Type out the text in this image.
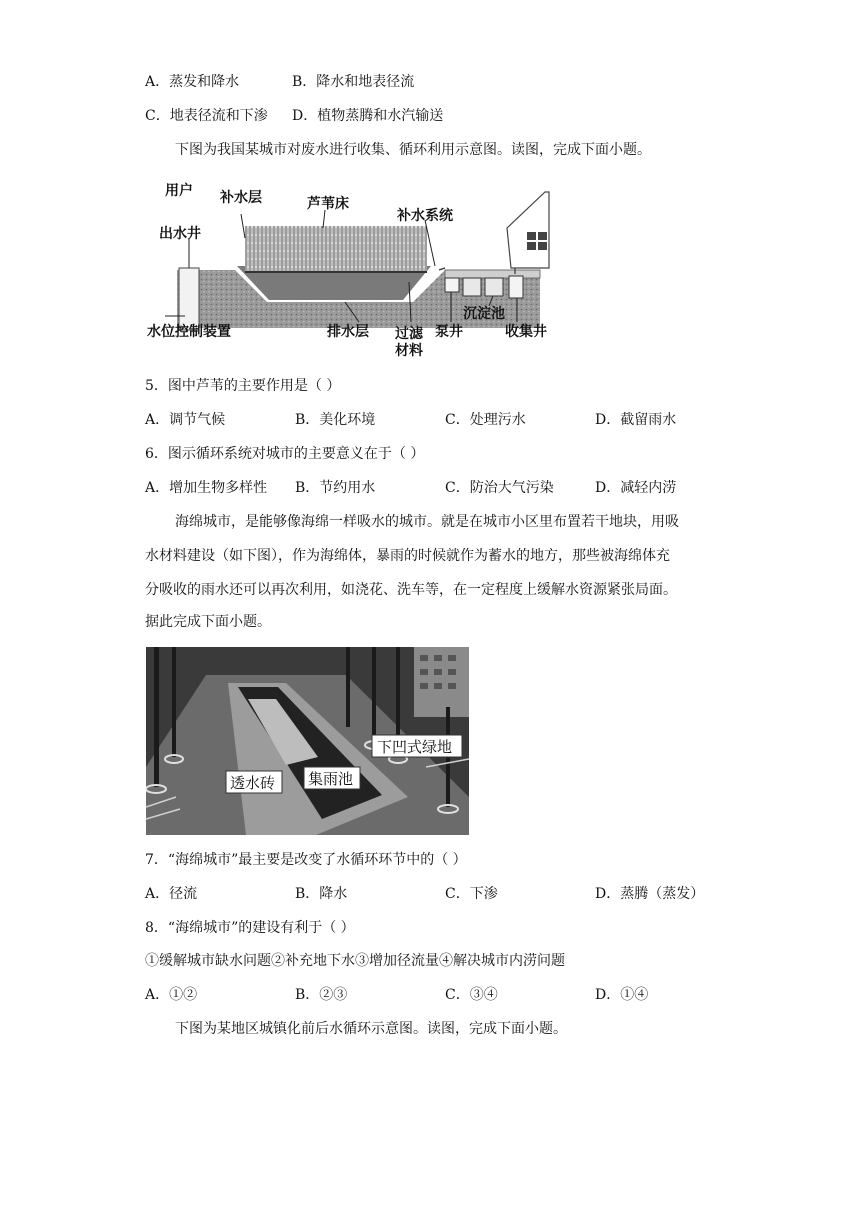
A．蒸发和降水	B．降水和地表径流
C．地表径流和下渗 D．植物蒸腾和水汽输送
下图为我国某城市对废水进行收集、循环利用示意图。读图，完成下面小题。
用户
出水井
补水层	芦苇床
补水系统
水位控制装置	排水层 过滤
材料
泵井
沉淀池
收集井
5．图中芦苇的主要作用是（ ）
A．调节气候	B．美化环境	C．处理污水	D．截留雨水
6．图示循环系统对城市的主要意义在于（ ）
A．增加生物多样性 B．节约用水	C．防治大气污染	D．减轻内涝
海绵城市，是能够像海绵一样吸水的城市。就是在城市小区里布置若干地块，用吸
水材料建设（如下图），作为海绵体，暴雨的时候就作为蓄水的地方，那些被海绵体充
分吸收的雨水还可以再次利用，如浇花、洗车等，在一定程度上缓解水资源紧张局面。
据此完成下面小题。
下凹式绿地
透水砖 集雨池
7．“海绵城市”最主要是改变了水循环环节中的（ ）
A．径流	B．降水	C．下渗	D．蒸腾（蒸发）
8．“海绵城市”的建设有利于（ ）
①缓解城市缺水问题②补充地下水③增加径流量④解决城市内涝问题
A．①②	B．②③	C．③④	D．①④
下图为某地区城镇化前后水循环示意图。读图，完成下面小题。
